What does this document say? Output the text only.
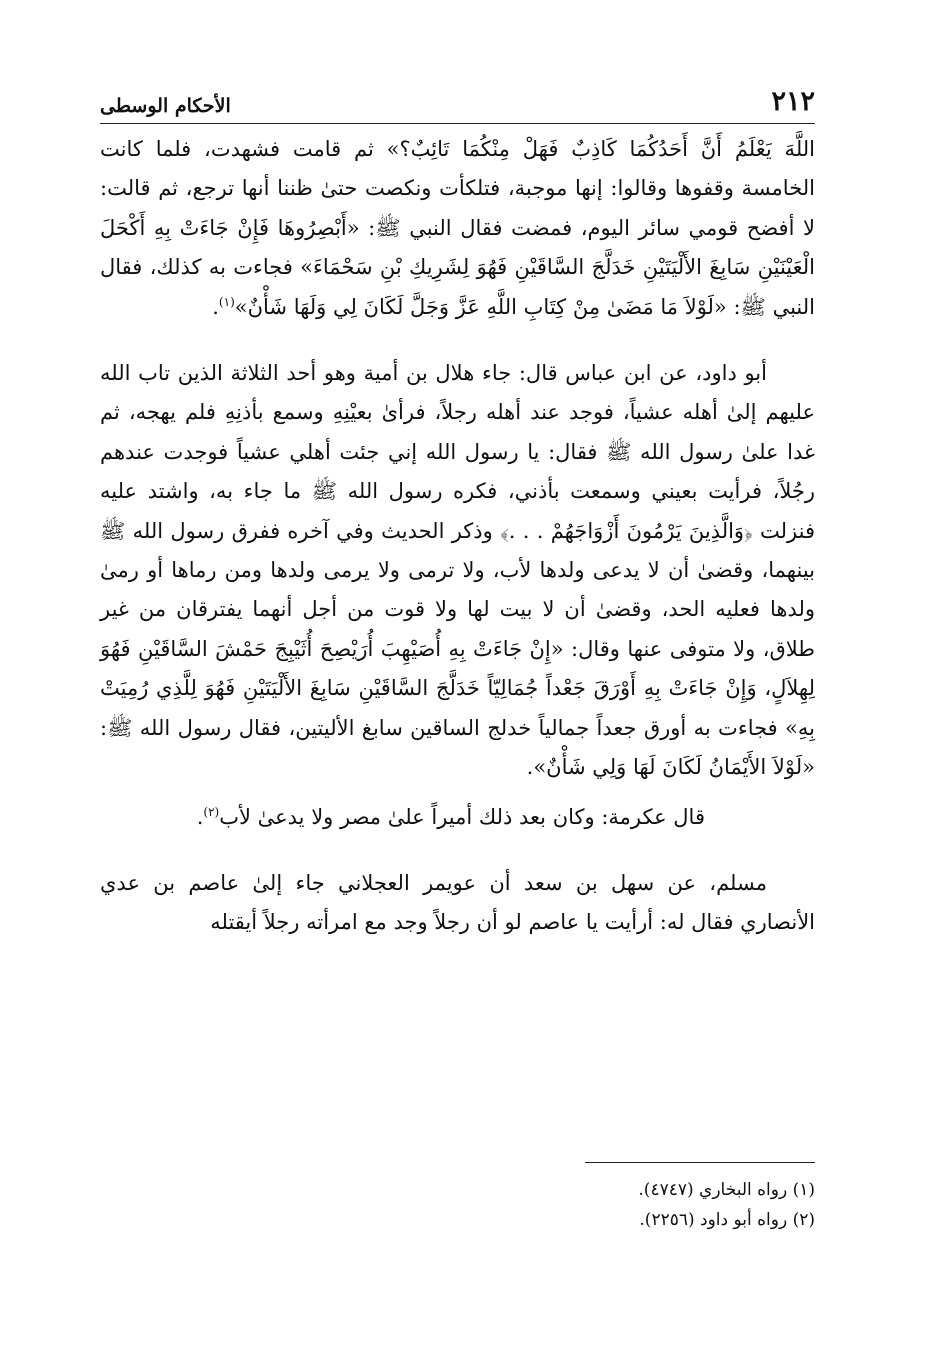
٢١٢
الأحكام الوسطى

اللَّهَ يَعْلَمُ أَنَّ أَحَدُكُمَا كَاذِبٌ فَهَلْ مِنْكُمَا تَائِبٌ؟» ثم قامت فشهدت، فلما كانت الخامسة وقفوها وقالوا: إنها موجبة، فتلكأت ونكصت حتىٰ ظننا أنها ترجع، ثم قالت: لا أفضح قومي سائر اليوم، فمضت فقال النبي ﷺ: «أَبْصِرُوهَا فَإِنْ جَاءَتْ بِهِ أَكْحَلَ الْعَيْنَيْنِ سَابِغَ الأَلْيَتَيْنِ خَدَلَّجَ السَّاقَيْنِ فَهُوَ لِشَرِيكِ بْنِ سَحْمَاءَ» فجاءت به كذلك، فقال النبي ﷺ: «لَوْلاَ مَا مَضَىٰ مِنْ كِتَابِ اللَّهِ عَزَّ وَجَلَّ لَكَانَ لِي وَلَهَا شَأْنٌ»$^{(١)}$.

أبو داود، عن ابن عباس قال: جاء هلال بن أمية وهو أحد الثلاثة الذين تاب الله عليهم إلىٰ أهله عشياً، فوجد عند أهله رجلاً، فرأىٰ بعيْنِهِ وسمع بأذنِهِ فلم يهجه، ثم غدا علىٰ رسول الله ﷺ فقال: يا رسول الله إني جئت أهلي عشياً فوجدت عندهم رجُلاً، فرأيت بعيني وسمعت بأذني، فكره رسول الله ﷺ ما جاء به، واشتد عليه فنزلت ﴿وَالَّذِينَ يَرْمُونَ أَزْوَاجَهُمْ . . .﴾ وذكر الحديث وفي آخره ففرق رسول الله ﷺ بينهما، وقضىٰ أن لا يدعى ولدها لأب، ولا ترمى ولا يرمى ولدها ومن رماها أو رمىٰ ولدها فعليه الحد، وقضىٰ أن لا بيت لها ولا قوت من أجل أنهما يفترقان من غير طلاق، ولا متوفى عنها وقال: «إِنْ جَاءَتْ بِهِ أُصَيْهِبَ أُرَيْصِحَ أُثَيْبِجَ حَمْشَ السَّاقَيْنِ فَهُوَ لِهِلاَلٍ، وَإِنْ جَاءَتْ بِهِ أَوْرَقَ جَعْداً جُمَالِيّاً خَدَلَّجَ السَّاقَيْنِ سَابِغَ الأَلْيَتَيْنِ فَهُوَ لِلَّذِي رُمِيَتْ بِهِ» فجاءت به أورق جعداً جمالياً خدلج الساقين سابغ الأليتين، فقال رسول الله ﷺ: «لَوْلاَ الأَيْمَانُ لَكَانَ لَهَا وَلِي شَأْنٌ».

قال عكرمة: وكان بعد ذلك أميراً علىٰ مصر ولا يدعىٰ لأب$^{(٢)}$.

مسلم، عن سهل بن سعد أن عويمر العجلاني جاء إلىٰ عاصم بن عدي الأنصاري فقال له: أرأيت يا عاصم لو أن رجلاً وجد مع امرأته رجلاً أيقتله

(١) رواه البخاري (٤٧٤٧).

(٢) رواه أبو داود (٢٢٥٦).
